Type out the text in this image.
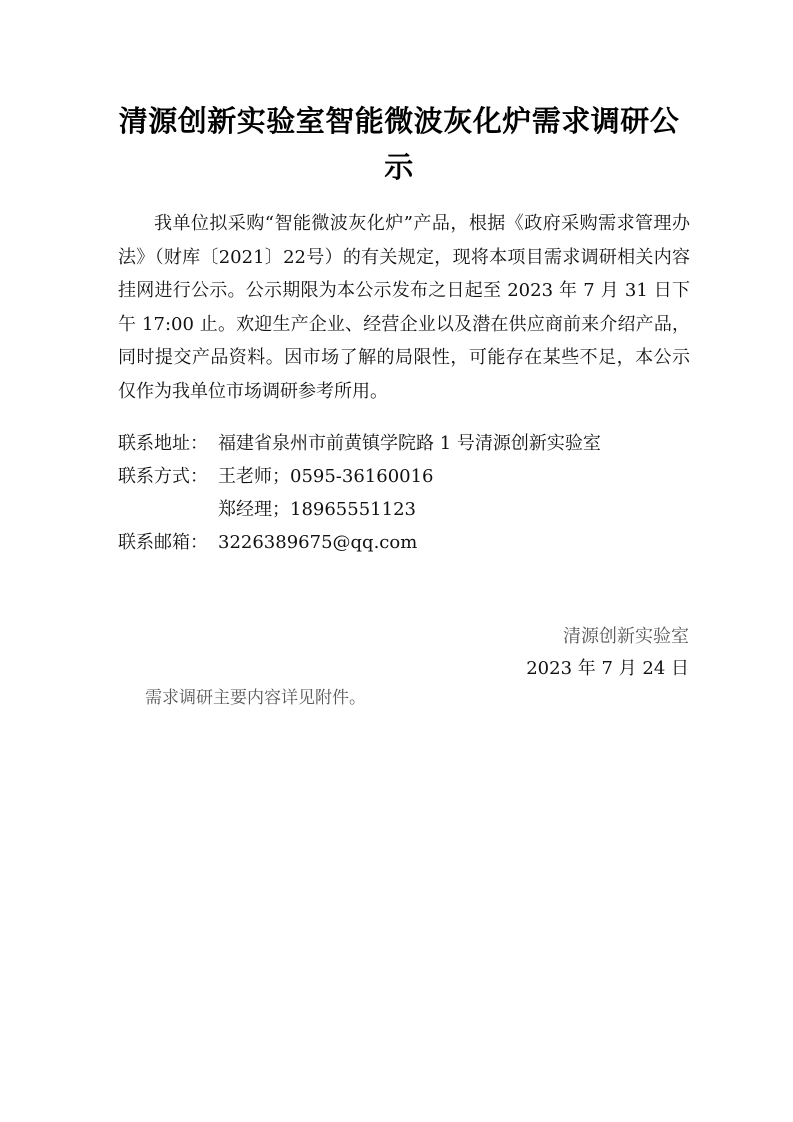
清源创新实验室智能微波灰化炉需求调研公示

我单位拟采购“智能微波灰化炉”产品，根据《政府采购需求管理办法》（财库〔2021〕22号）的有关规定，现将本项目需求调研相关内容挂网进行公示。公示期限为本公示发布之日起至 2023 年 7 月 31 日下午 17:00 止。欢迎生产企业、经营企业以及潜在供应商前来介绍产品，同时提交产品资料。因市场了解的局限性，可能存在某些不足，本公示仅作为我单位市场调研参考所用。

联系地址： 福建省泉州市前黄镇学院路 1 号清源创新实验室
联系方式： 王老师；0595-36160016
郑经理；18965551123
联系邮箱： 3226389675@qq.com
清源创新实验室
2023 年 7 月 24 日
需求调研主要内容详见附件。
